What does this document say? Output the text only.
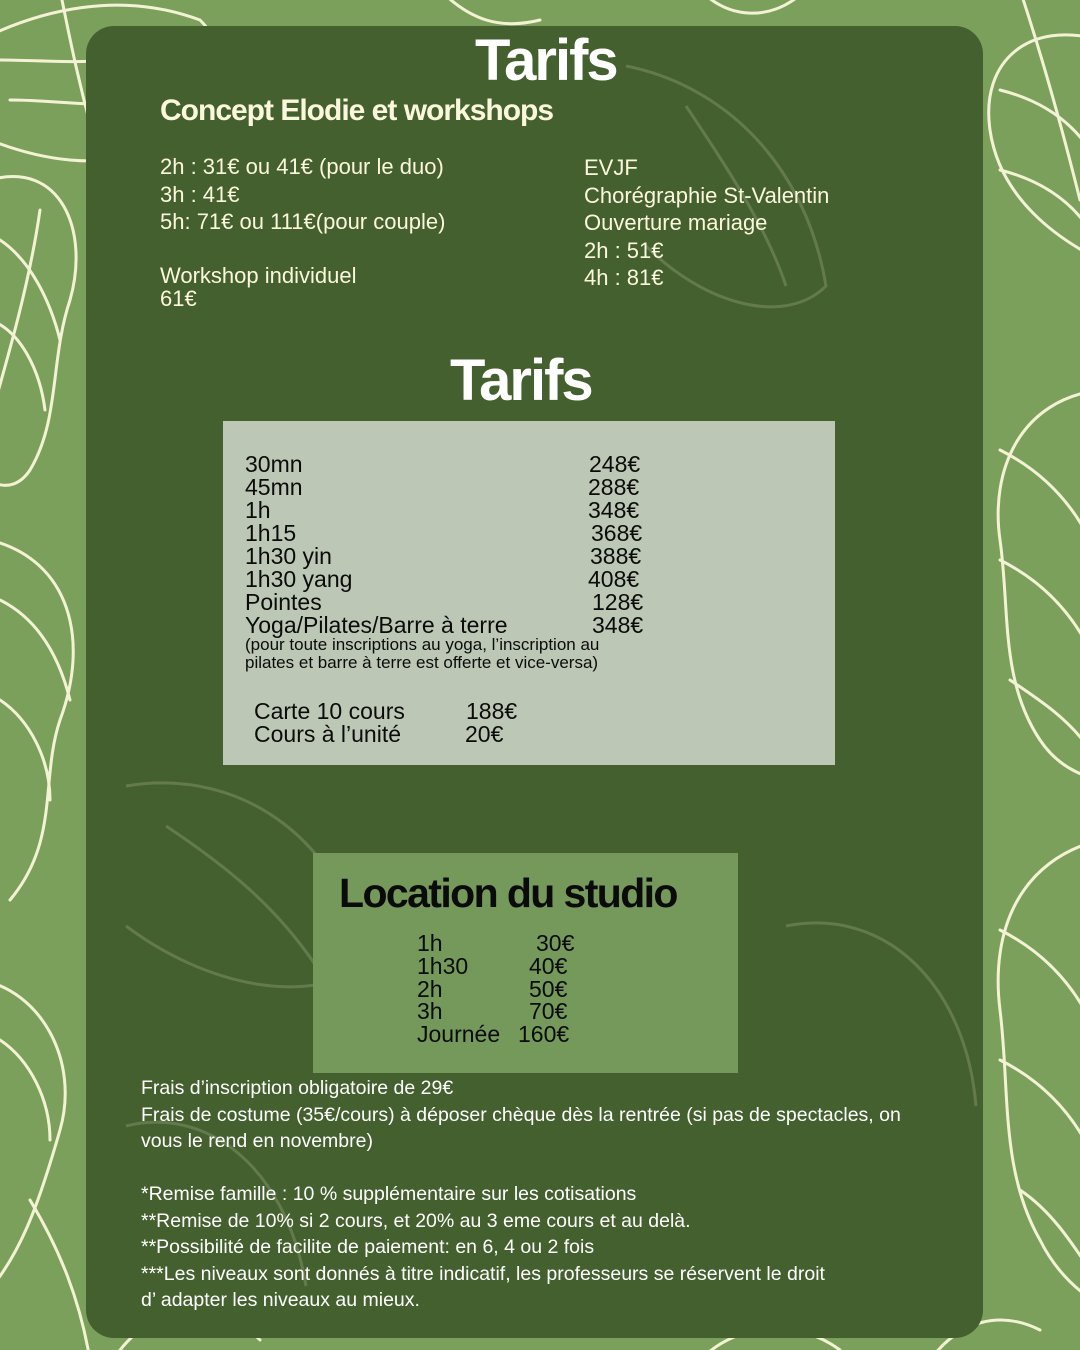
Tarifs
Concept Elodie et workshops
2h : 31€ ou 41€ (pour le duo)
3h : 41€
5h: 71€ ou 111€(pour couple)
Workshop individuel
61€
EVJF
Chorégraphie St-Valentin
Ouverture mariage
2h : 51€
4h : 81€
Tarifs
30mn	248€
45mn	288€
1h	348€
1h15	368€
1h30 yin	388€
1h30 yang	408€
Pointes	128€
Yoga/Pilates/Barre à terre	348€
(pour toute inscriptions au yoga, l’inscription au
pilates et barre à terre est offerte et vice-versa)
Carte 10 cours	188€
Cours à l’unité	20€
Location du studio
1h	30€
1h30	40€
2h	50€
3h	70€
Journée 160€
Frais d’inscription obligatoire de 29€
Frais de costume (35€/cours) à déposer chèque dès la rentrée (si pas de spectacles, on
vous le rend en novembre)
*Remise famille : 10 % supplémentaire sur les cotisations
**Remise de 10% si 2 cours, et 20% au 3 eme cours et au delà.
**Possibilité de facilite de paiement: en 6, 4 ou 2 fois
***Les niveaux sont donnés à titre indicatif, les professeurs se réservent le droit
d’ adapter les niveaux au mieux.
